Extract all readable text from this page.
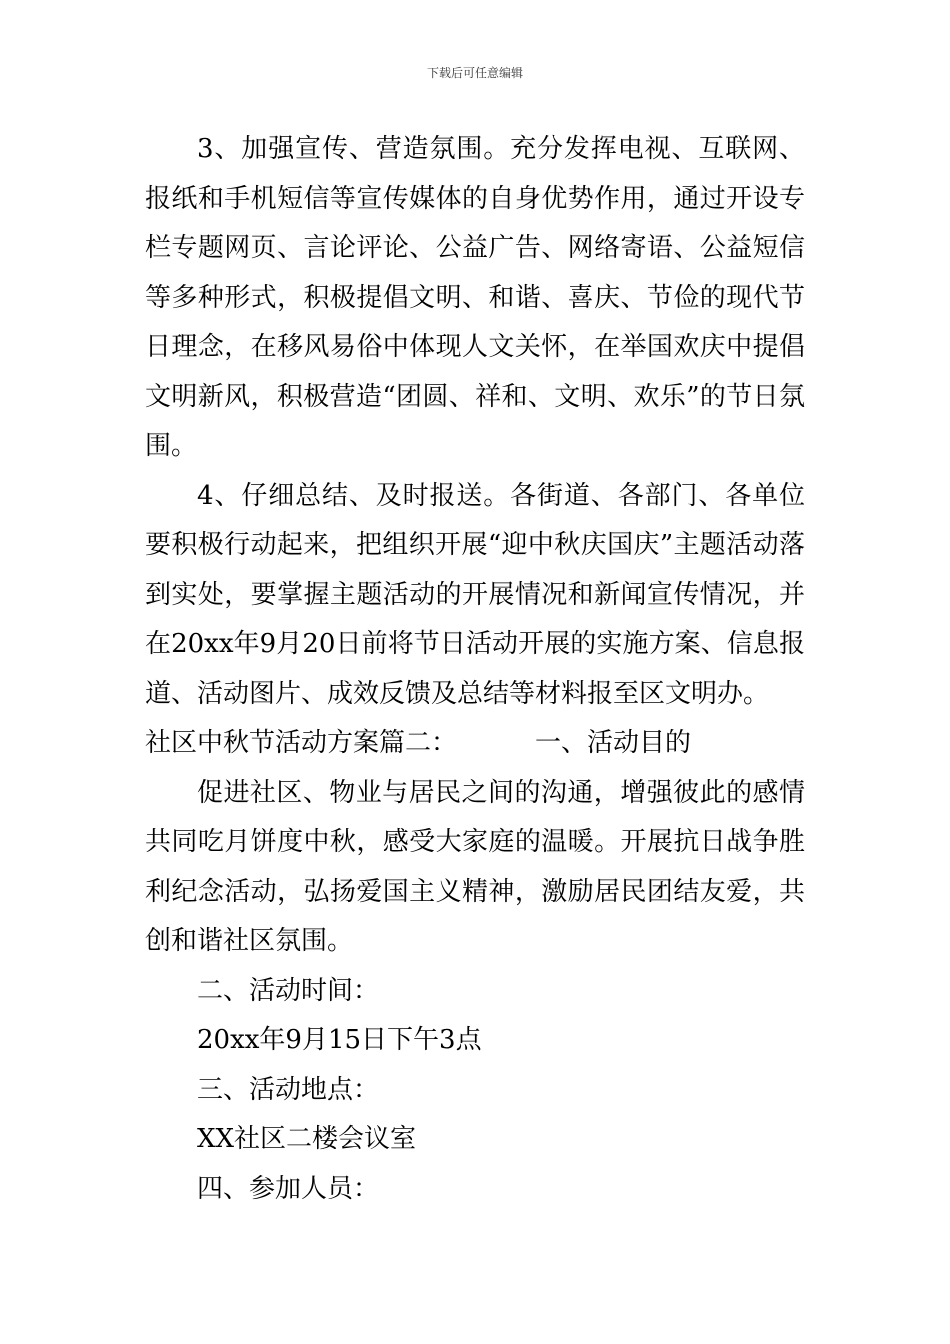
下载后可任意编辑

3、加强宣传、营造氛围。充分发挥电视、互联网、报纸和手机短信等宣传媒体的自身优势作用，通过开设专栏专题网页、言论评论、公益广告、网络寄语、公益短信等多种形式，积极提倡文明、和谐、喜庆、节俭的现代节日理念，在移风易俗中体现人文关怀，在举国欢庆中提倡文明新风，积极营造“团圆、祥和、文明、欢乐”的节日氛围。

4、仔细总结、及时报送。各街道、各部门、各单位要积极行动起来，把组织开展“迎中秋庆国庆”主题活动落到实处，要掌握主题活动的开展情况和新闻宣传情况，并在20xx年9月20日前将节日活动开展的实施方案、信息报道、活动图片、成效反馈及总结等材料报至区文明办。

社区中秋节活动方案篇二：	一、活动目的

促进社区、物业与居民之间的沟通，增强彼此的感情共同吃月饼度中秋，感受大家庭的温暖。开展抗日战争胜利纪念活动，弘扬爱国主义精神，激励居民团结友爱，共创和谐社区氛围。

二、活动时间：

20xx年9月15日下午3点

三、活动地点：

XX社区二楼会议室

四、参加人员：
